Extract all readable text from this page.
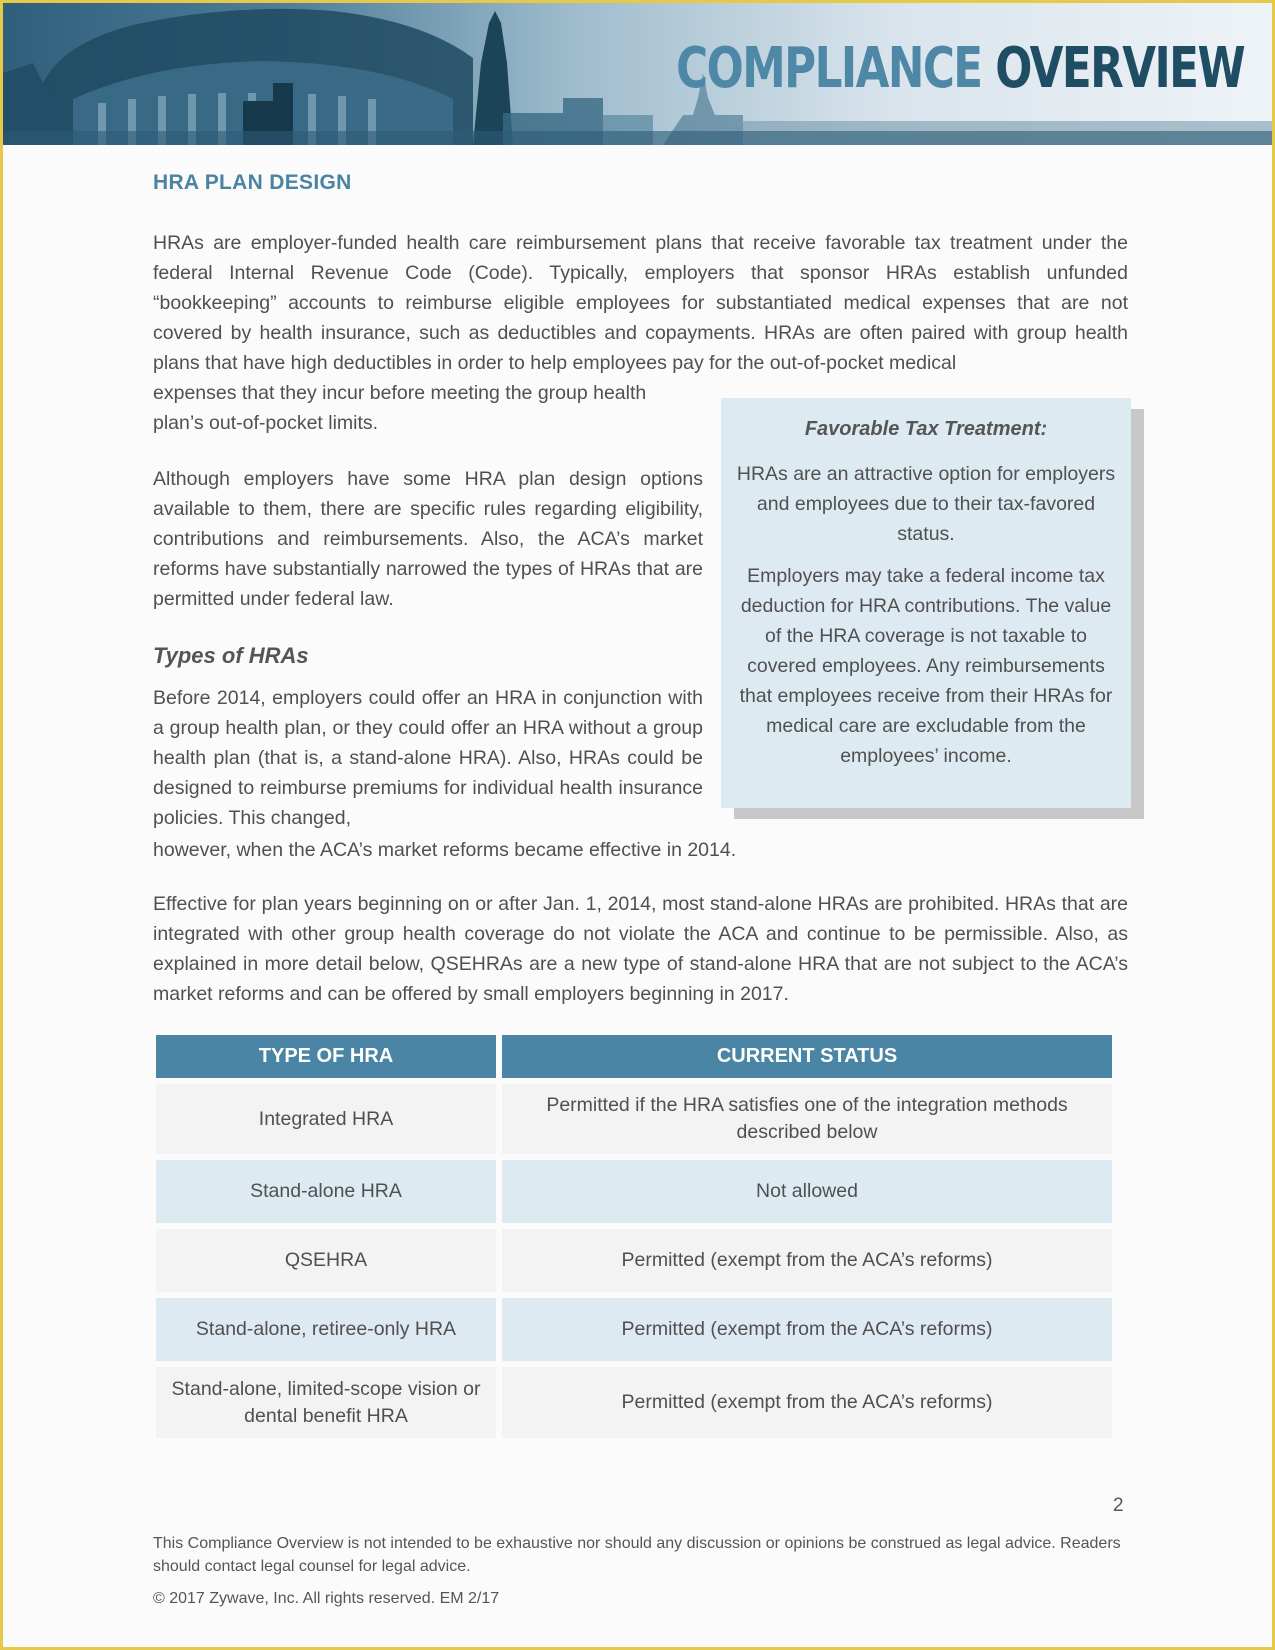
COMPLIANCE OVERVIEW
HRA PLAN DESIGN

HRAs are employer-funded health care reimbursement plans that receive favorable tax treatment under the federal Internal Revenue Code (Code). Typically, employers that sponsor HRAs establish unfunded “bookkeeping” accounts to reimburse eligible employees for substantiated medical expenses that are not covered by health insurance, such as deductibles and copayments. HRAs are often paired with group health plans that have high deductibles in order to help employees pay for the out-of-pocket medical

expenses that they incur before meeting the group health plan’s out-of-pocket limits.

Although employers have some HRA plan design options available to them, there are specific rules regarding eligibility, contributions and reimbursements. Also, the ACA’s market reforms have substantially narrowed the types of HRAs that are permitted under federal law.

Types of HRAs

Before 2014, employers could offer an HRA in conjunction with a group health plan, or they could offer an HRA without a group health plan (that is, a stand-alone HRA). Also, HRAs could be designed to reimburse premiums for individual health insurance policies. This changed,

however, when the ACA’s market reforms became effective in 2014.

Effective for plan years beginning on or after Jan. 1, 2014, most stand-alone HRAs are prohibited. HRAs that are integrated with other group health coverage do not violate the ACA and continue to be permissible. Also, as explained in more detail below, QSEHRAs are a new type of stand-alone HRA that are not subject to the ACA’s market reforms and can be offered by small employers beginning in 2017.

Favorable Tax Treatment:

HRAs are an attractive option for employers and employees due to their tax-favored status.

Employers may take a federal income tax deduction for HRA contributions. The value of the HRA coverage is not taxable to covered employees. Any reimbursements that employees receive from their HRAs for medical care are excludable from the employees’ income.

TYPE OF HRA	CURRENT STATUS
Integrated HRA	Permitted if the HRA satisfies one of the integration methods described below
Stand-alone HRA	Not allowed
QSEHRA	Permitted (exempt from the ACA’s reforms)
Stand-alone, retiree-only HRA	Permitted (exempt from the ACA’s reforms)
Stand-alone, limited-scope vision or dental benefit HRA	Permitted (exempt from the ACA’s reforms)
2
This Compliance Overview is not intended to be exhaustive nor should any discussion or opinions be construed as legal advice. Readers should contact legal counsel for legal advice.
© 2017 Zywave, Inc. All rights reserved. EM 2/17
